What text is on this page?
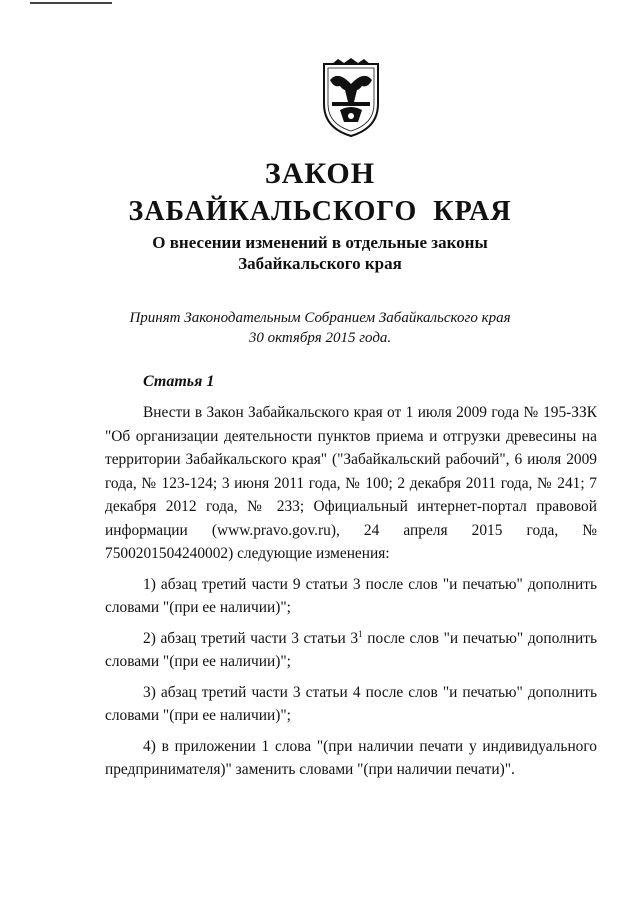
ЗАКОН
ЗАБАЙКАЛЬСКОГО КРАЯ
О внесении изменений в отдельные законы
Забайкальского края
Принят Законодательным Собранием Забайкальского края
30 октября 2015 года.
Статья 1

Внести в Закон Забайкальского края от 1 июля 2009 года № 195-ЗЗК "Об организации деятельности пунктов приема и отгрузки древесины на территории Забайкальского края" ("Забайкальский рабочий", 6 июля 2009 года, № 123-124; 3 июня 2011 года, № 100; 2 декабря 2011 года, № 241; 7 декабря 2012 года, № 233; Официальный интернет-портал правовой информации (www.pravo.gov.ru), 24 апреля 2015 года, № 7500201504240002) следующие изменения:

1) абзац третий части 9 статьи 3 после слов "и печатью" дополнить словами "(при ее наличии)";

2) абзац третий части 3 статьи $3^1$ после слов "и печатью" дополнить словами "(при ее наличии)";

3) абзац третий части 3 статьи 4 после слов "и печатью" дополнить словами "(при ее наличии)";

4) в приложении 1 слова "(при наличии печати у индивидуального предпринимателя)" заменить словами "(при наличии печати)".
